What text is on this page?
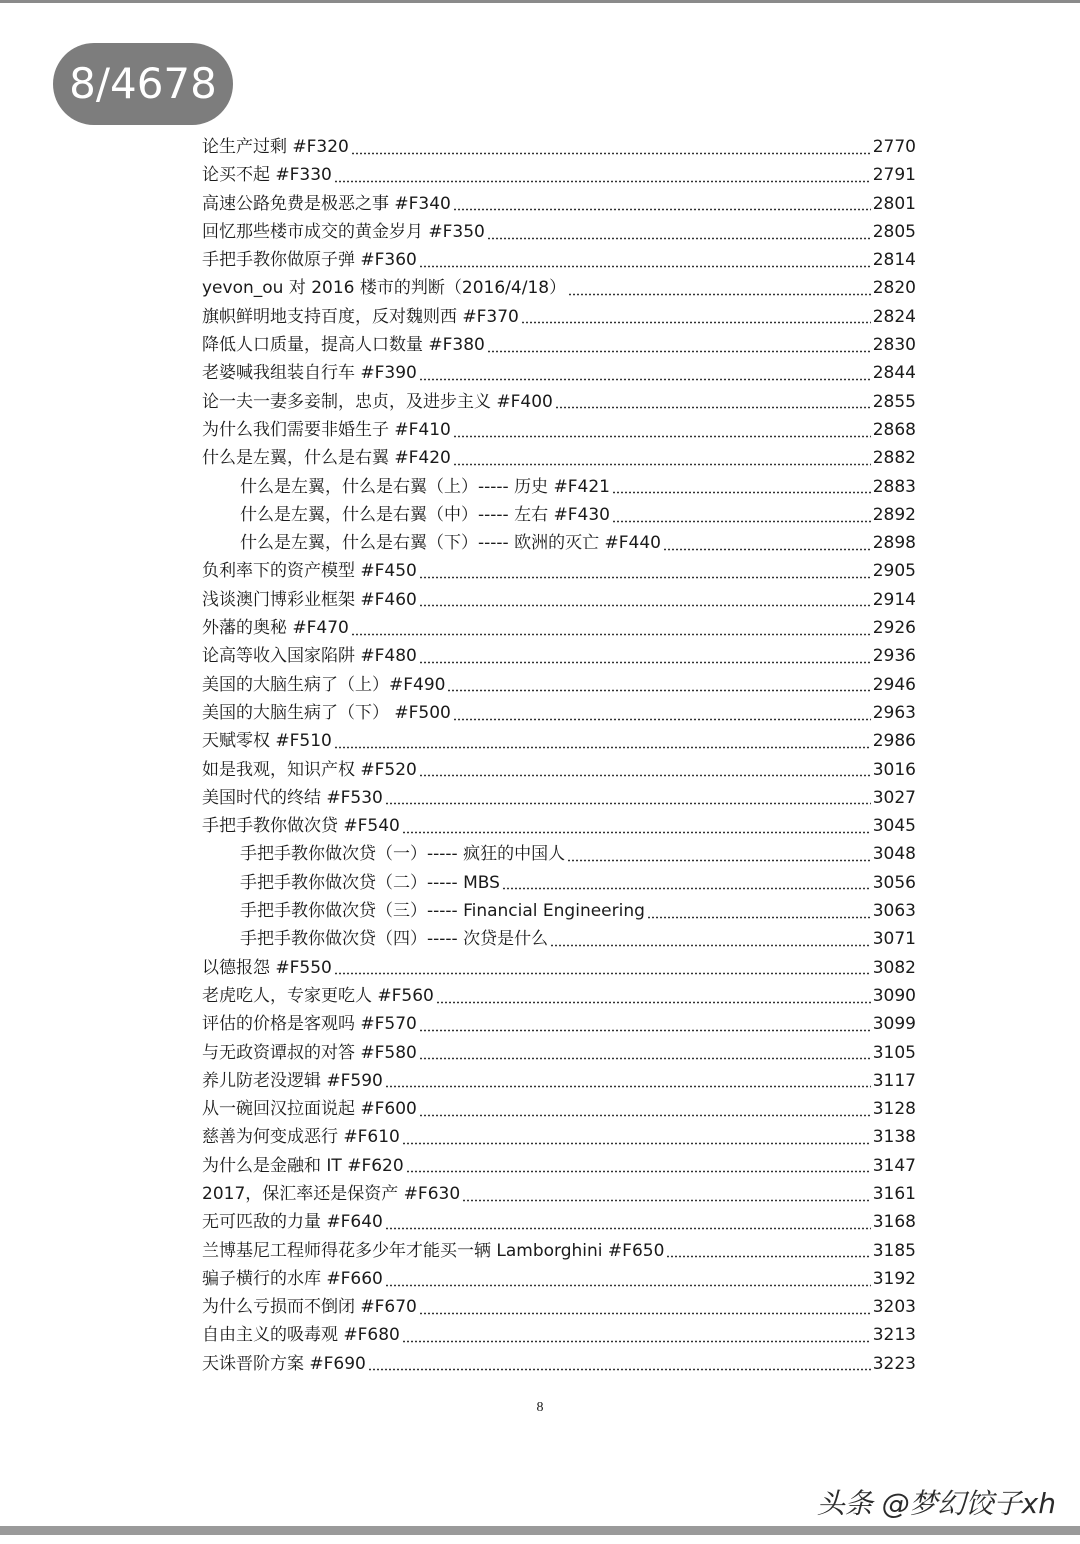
8/4678
论生产过剩 #F320	2770
论买不起 #F330	2791
高速公路免费是极恶之事 #F340	2801
回忆那些楼市成交的黄金岁月 #F350	2805
手把手教你做原子弹 #F360	2814
yevon_ou 对 2016 楼市的判断（2016/4/18）	2820
旗帜鲜明地支持百度，反对魏则西 #F370	2824
降低人口质量，提高人口数量 #F380	2830
老婆喊我组装自行车 #F390	2844
论一夫一妻多妾制，忠贞，及进步主义 #F400	2855
为什么我们需要非婚生子 #F410	2868
什么是左翼，什么是右翼 #F420	2882
什么是左翼，什么是右翼（上）----- 历史 #F421	2883
什么是左翼，什么是右翼（中）----- 左右 #F430	2892
什么是左翼，什么是右翼（下）----- 欧洲的灭亡 #F440	2898
负利率下的资产模型 #F450	2905
浅谈澳门博彩业框架 #F460	2914
外藩的奥秘 #F470	2926
论高等收入国家陷阱 #F480	2936
美国的大脑生病了（上）#F490	2946
美国的大脑生病了（下） #F500	2963
天赋零权 #F510	2986
如是我观，知识产权 #F520	3016
美国时代的终结 #F530	3027
手把手教你做次贷 #F540	3045
手把手教你做次贷（一）----- 疯狂的中国人	3048
手把手教你做次贷（二）----- MBS	3056
手把手教你做次贷（三）----- Financial Engineering	3063
手把手教你做次贷（四）----- 次贷是什么	3071
以德报怨 #F550	3082
老虎吃人，专家更吃人 #F560	3090
评估的价格是客观吗 #F570	3099
与无政资谭叔的对答 #F580	3105
养儿防老没逻辑 #F590	3117
从一碗回汉拉面说起 #F600	3128
慈善为何变成恶行 #F610	3138
为什么是金融和 IT #F620	3147
2017，保汇率还是保资产 #F630	3161
无可匹敌的力量 #F640	3168
兰博基尼工程师得花多少年才能买一辆 Lamborghini #F650	3185
骗子横行的水库 #F660	3192
为什么亏损而不倒闭 #F670	3203
自由主义的吸毒观 #F680	3213
天诛晋阶方案 #F690	3223
8
头条 @梦幻饺子xh
